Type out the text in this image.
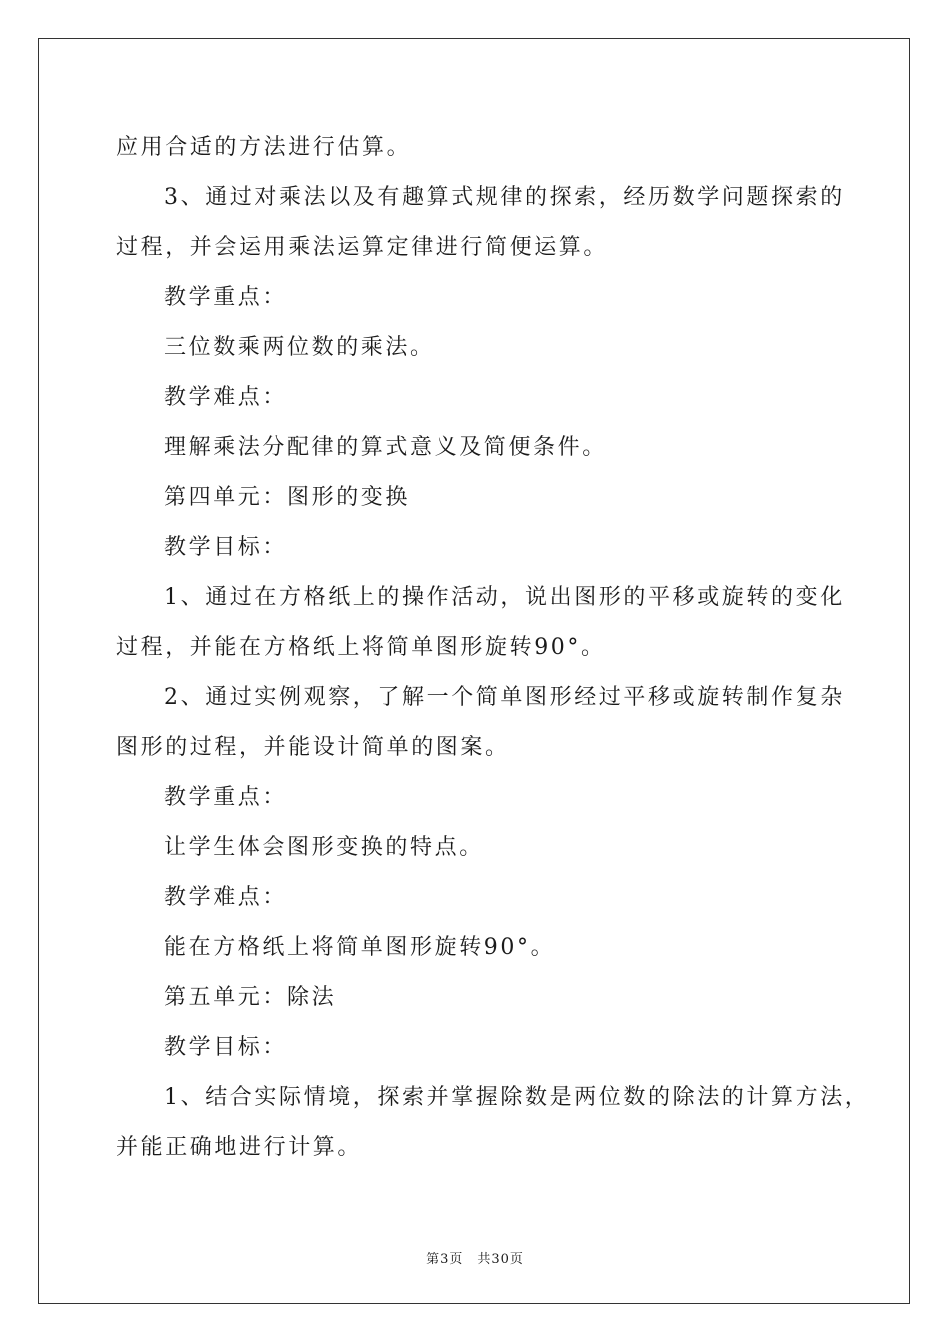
应用合适的方法进行估算。
3、通过对乘法以及有趣算式规律的探索，经历数学问题探索的
过程，并会运用乘法运算定律进行简便运算。
教学重点：
三位数乘两位数的乘法。
教学难点：
理解乘法分配律的算式意义及简便条件。
第四单元：图形的变换
教学目标：
1、通过在方格纸上的操作活动，说出图形的平移或旋转的变化
过程，并能在方格纸上将简单图形旋转90°。
2、通过实例观察，了解一个简单图形经过平移或旋转制作复杂
图形的过程，并能设计简单的图案。
教学重点：
让学生体会图形变换的特点。
教学难点：
能在方格纸上将简单图形旋转90°。
第五单元：除法
教学目标：
1、结合实际情境，探索并掌握除数是两位数的除法的计算方法，
并能正确地进行计算。
第3页 共30页
